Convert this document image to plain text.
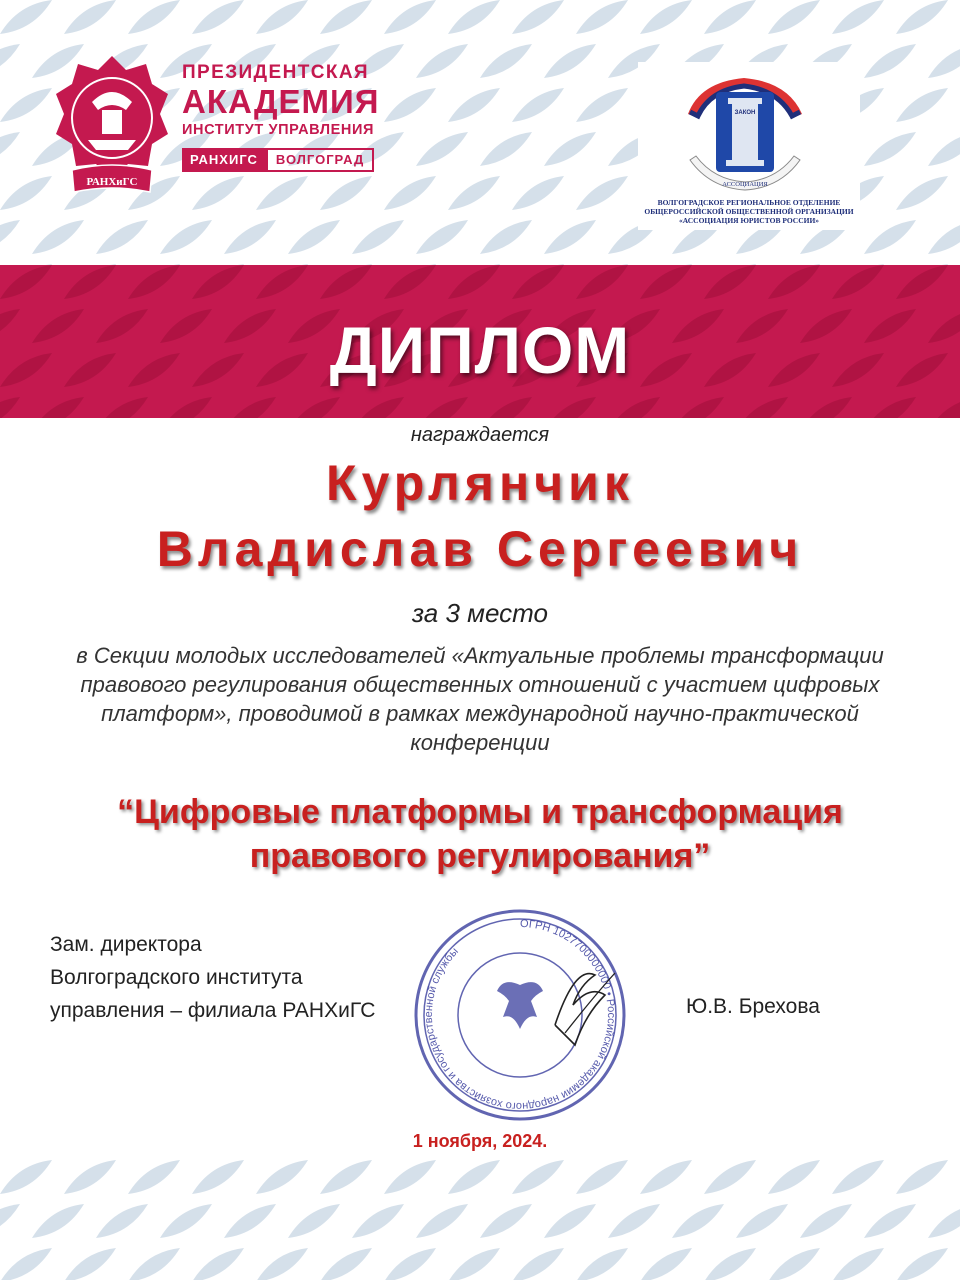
РАНХиГС
ПРЕЗИДЕНТСКАЯ
АКАДЕМИЯ
ИНСТИТУТ УПРАВЛЕНИЯ
РАНХИГС	ВОЛГОГРАД
ЗАКОН
АССОЦИАЦИЯ
ВОЛГОГРАДСКОЕ РЕГИОНАЛЬНОЕ ОТДЕЛЕНИЕ ОБЩЕРОССИЙСКОЙ ОБЩЕСТВЕННОЙ ОРГАНИЗАЦИИ «АССОЦИАЦИЯ ЮРИСТОВ РОССИИ»
ДИПЛОМ
награждается
Курлянчик
Владислав Сергеевич
за 3 место
в Секции молодых исследователей «Актуальные проблемы трансформации правового регулирования общественных отношений с участием цифровых платформ», проводимой в рамках международной научно-практической конференции
“Цифровые платформы и трансформация
правового регулирования”
Зам. директора
Волгоградского института
управления – филиала РАНХиГС
ОГРН 1027700000000 • Российской академии народного хозяйства и государственной службы
Ю.В. Брехова
1 ноября, 2024.
